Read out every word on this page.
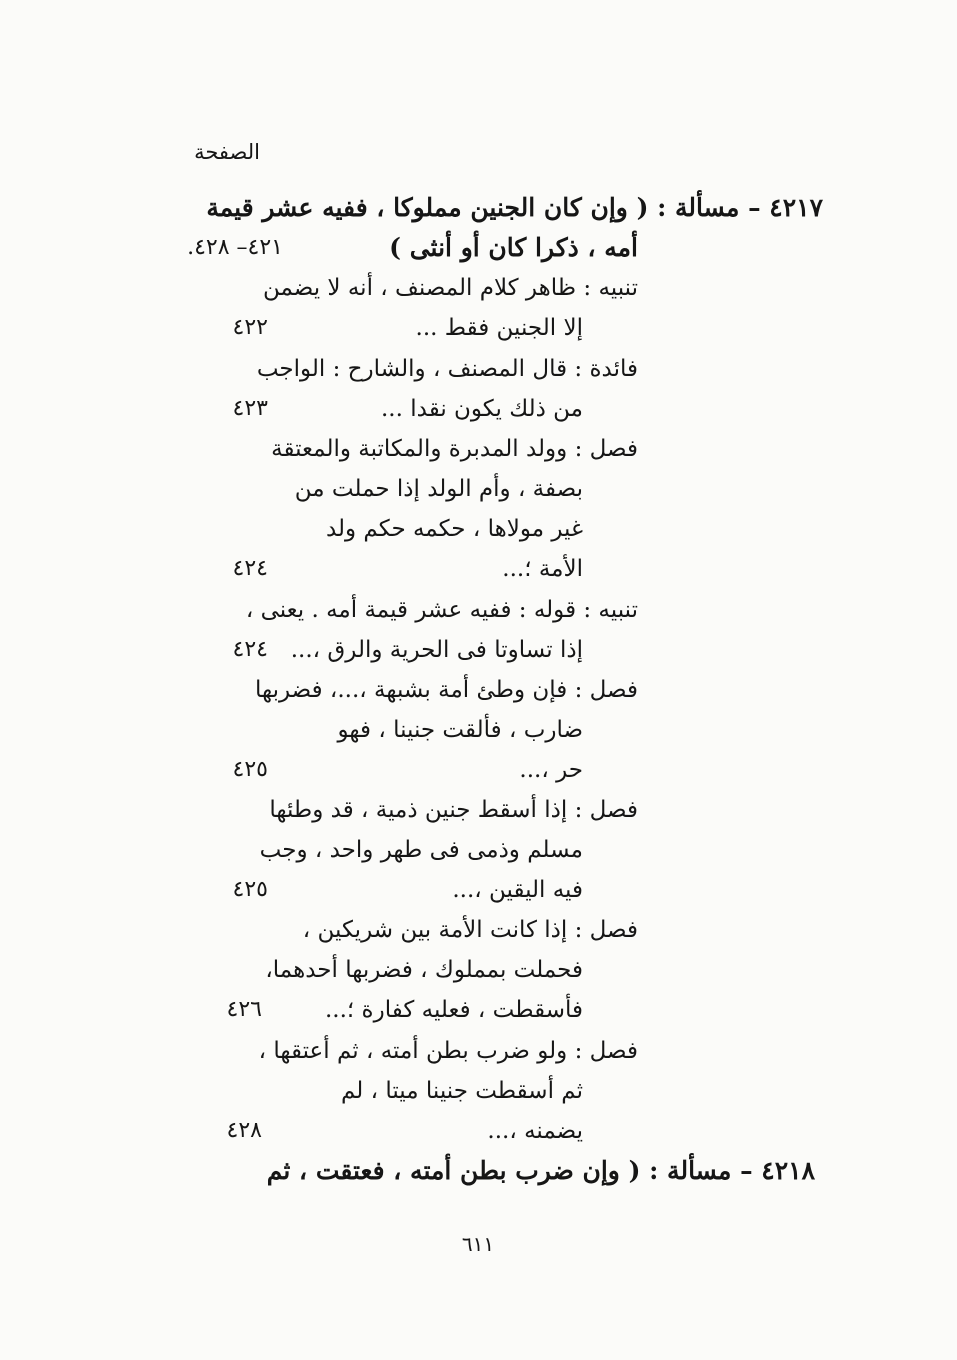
الصفحة
٤٢١٧ – مسألة : ( وإن كان الجنين مملوكا ، ففيه عشر قيمة
أمه ، ذكرا كان أو أنثى )
٤٢١– ٤٢٨.
تنبيه : ظاهر كلام المصنف ، أنه لا يضمن
إلا الجنين فقط ...
٤٢٢
فائدة : قال المصنف ، والشارح : الواجب
من ذلك يكون نقدا ...
٤٢٣
فصل : وولد المدبرة والمكاتبة والمعتقة
بصفة ، وأم الولد إذا حملت من
غير مولاها ، حكمه حكم ولد
الأمة ؛...
٤٢٤
تنبيه : قوله : ففيه عشر قيمة أمه . يعنى ،
إذا تساوتا فى الحرية والرق ،...
٤٢٤
فصل : فإن وطئ أمة بشبهة ،...، فضربها
ضارب ، فألقت جنينا ، فهو
حر ،...
٤٢٥
فصل : إذا أسقط جنين ذمية ، قد وطئها
مسلم وذمى فى طهر واحد ، وجب
فيه اليقين ،...
٤٢٥
فصل : إذا كانت الأمة بين شريكين ،
فحملت بمملوك ، فضربها أحدهما،
فأسقطت ، فعليه كفارة ؛...
٤٢٦
فصل : ولو ضرب بطن أمته ، ثم أعتقها ،
ثم أسقطت جنينا ميتا ، لم
يضمنه ،...
٤٢٨
٤٢١٨ – مسألة : ( وإن ضرب بطن أمته ، فعتقت ، ثم
٦١١
